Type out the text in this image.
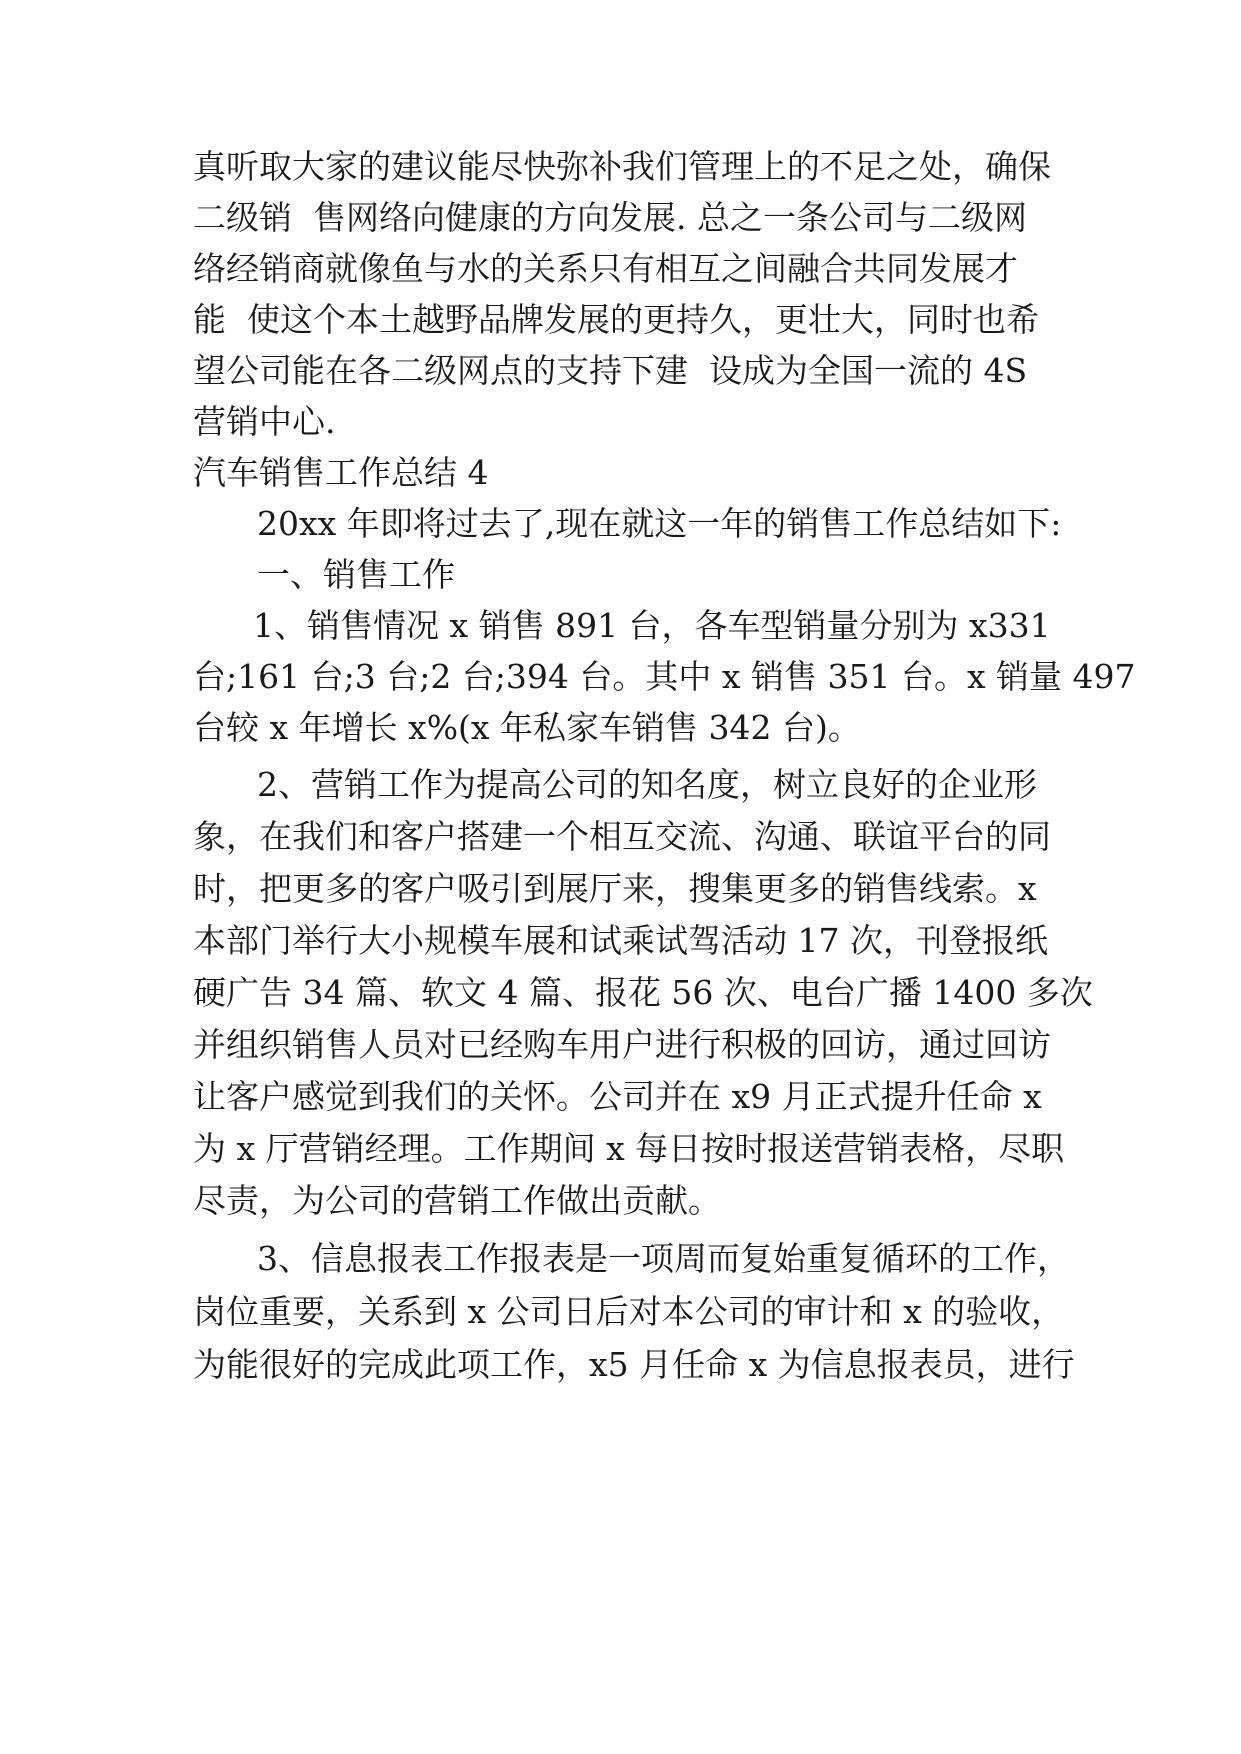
真听取大家的建议能尽快弥补我们管理上的不足之处，确保

二级销  售网络向健康的方向发展. 总之一条公司与二级网

络经销商就像鱼与水的关系只有相互之间融合共同发展才

能  使这个本土越野品牌发展的更持久，更壮大，同时也希

望公司能在各二级网点的支持下建  设成为全国一流的 4S

营销中心.

汽车销售工作总结 4

20xx 年即将过去了,现在就这一年的销售工作总结如下:

一、销售工作

1、销售情况 x 销售 891 台，各车型销量分别为 x331

台;161 台;3 台;2 台;394 台。其中 x 销售 351 台。x 销量 497

台较 x 年增长 x%(x 年私家车销售 342 台)。

2、营销工作为提高公司的知名度，树立良好的企业形

象，在我们和客户搭建一个相互交流、沟通、联谊平台的同

时，把更多的客户吸引到展厅来，搜集更多的销售线索。x

本部门举行大小规模车展和试乘试驾活动 17 次，刊登报纸

硬广告 34 篇、软文 4 篇、报花 56 次、电台广播 1400 多次

并组织销售人员对已经购车用户进行积极的回访，通过回访

让客户感觉到我们的关怀。公司并在 x9 月正式提升任命 x

为 x 厅营销经理。工作期间 x 每日按时报送营销表格，尽职

尽责，为公司的营销工作做出贡献。

3、信息报表工作报表是一项周而复始重复循环的工作，

岗位重要，关系到 x 公司日后对本公司的审计和 x 的验收，

为能很好的完成此项工作，x5 月任命 x 为信息报表员，进行
